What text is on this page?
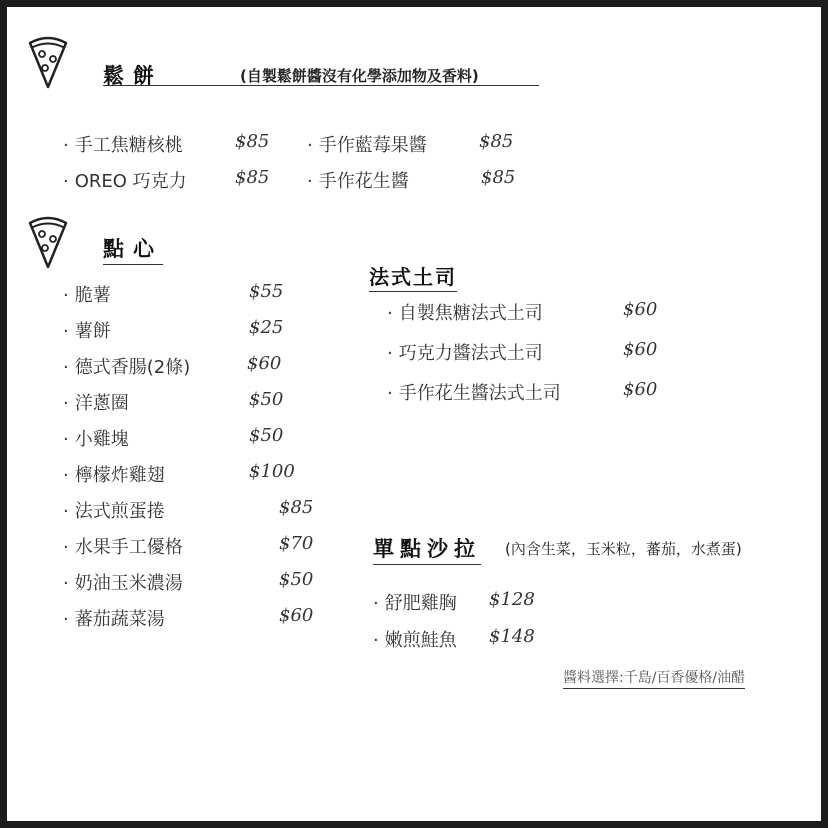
鬆餅	(自製鬆餅醬沒有化學添加物及香料)
· 手工焦糖核桃	$85	· 手作藍莓果醬	$85
· OREO 巧克力	$85	· 手作花生醬	$85
點心
· 脆薯	$55
· 薯餅	$25
· 德式香腸(2條)	$60
· 洋蔥圈	$50
· 小雞塊	$50
· 檸檬炸雞翅	$100
· 法式煎蛋捲	$85
· 水果手工優格	$70
· 奶油玉米濃湯	$50
· 蕃茄蔬菜湯	$60
法式土司
· 自製焦糖法式土司	$60
· 巧克力醬法式土司	$60
· 手作花生醬法式土司	$60
單點沙拉 (內含生菜，玉米粒，蕃茄，水煮蛋)
· 舒肥雞胸 $128
· 嫩煎鮭魚 $148
醬料選擇:千島/百香優格/油醋
